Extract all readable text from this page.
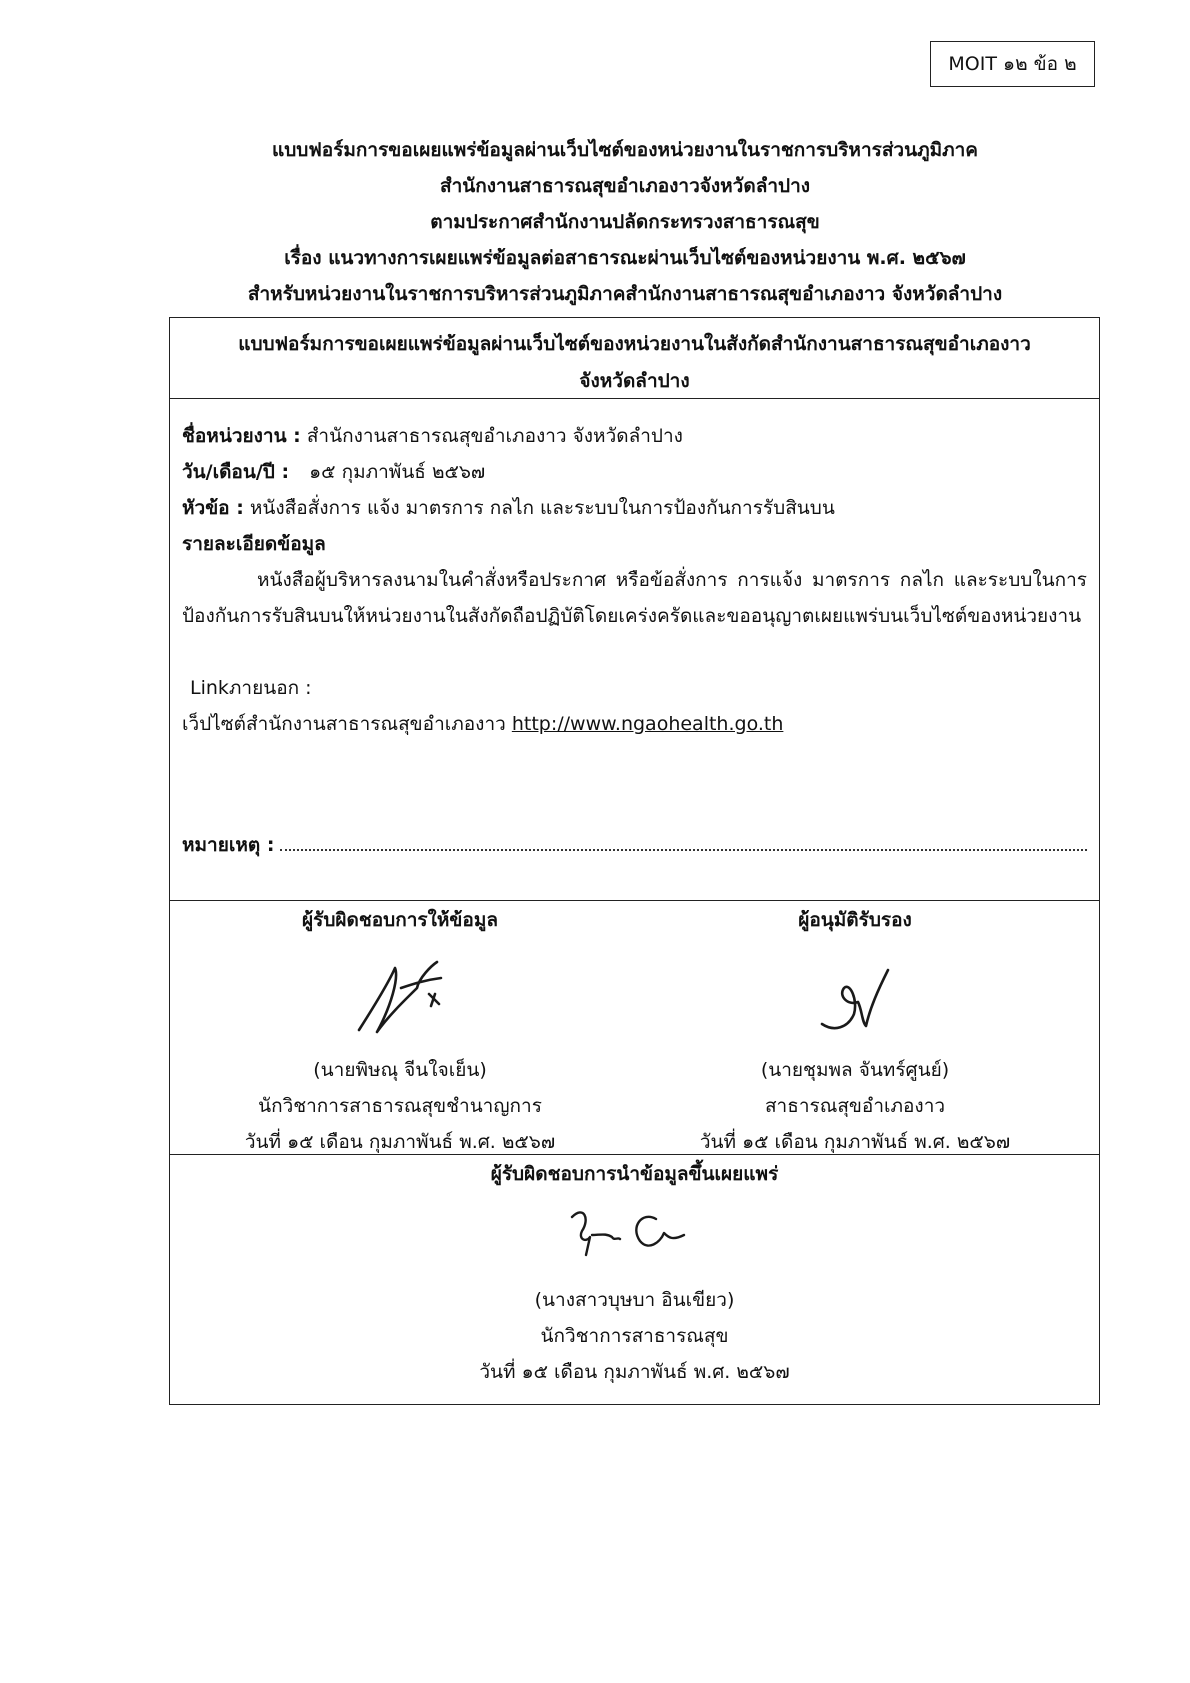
MOIT ๑๒ ข้อ ๒
แบบฟอร์มการขอเผยแพร่ข้อมูลผ่านเว็บไซต์ของหน่วยงานในราชการบริหารส่วนภูมิภาค
สำนักงานสาธารณสุขอำเภองาวจังหวัดลำปาง
ตามประกาศสำนักงานปลัดกระทรวงสาธารณสุข
เรื่อง แนวทางการเผยแพร่ข้อมูลต่อสาธารณะผ่านเว็บไซต์ของหน่วยงาน พ.ศ. ๒๕๖๗
สำหรับหน่วยงานในราชการบริหารส่วนภูมิภาคสำนักงานสาธารณสุขอำเภองาว จังหวัดลำปาง
แบบฟอร์มการขอเผยแพร่ข้อมูลผ่านเว็บไซต์ของหน่วยงานในสังกัดสำนักงานสาธารณสุขอำเภองาว
จังหวัดลำปาง
ชื่อหน่วยงาน : สำนักงานสาธารณสุขอำเภองาว จังหวัดลำปาง
วัน/เดือน/ปี : ๑๕ กุมภาพันธ์ ๒๕๖๗
หัวข้อ : หนังสือสั่งการ แจ้ง มาตรการ กลไก และระบบในการป้องกันการรับสินบน
รายละเอียดข้อมูล

หนังสือผู้บริหารลงนามในคำสั่งหรือประกาศ หรือข้อสั่งการ การแจ้ง มาตรการ กลไก และระบบในการป้องกันการรับสินบนให้หน่วยงานในสังกัดถือปฏิบัติโดยเคร่งครัดและขออนุญาตเผยแพร่บนเว็บไซต์ของหน่วยงาน

Linkภายนอก :
เว็ปไซต์สำนักงานสาธารณสุขอำเภองาว http://www.ngaohealth.go.th
หมายเหตุ :
ผู้รับผิดชอบการให้ข้อมูล
(นายพิษณุ จีนใจเย็น)
นักวิชาการสาธารณสุขชำนาญการ
วันที่ ๑๕ เดือน กุมภาพันธ์ พ.ศ. ๒๕๖๗
ผู้อนุมัติรับรอง
(นายชุมพล จันทร์ศูนย์)
สาธารณสุขอำเภองาว
วันที่ ๑๕ เดือน กุมภาพันธ์ พ.ศ. ๒๕๖๗
ผู้รับผิดชอบการนำข้อมูลขึ้นเผยแพร่
(นางสาวบุษบา อินเขียว)
นักวิชาการสาธารณสุข
วันที่ ๑๕ เดือน กุมภาพันธ์ พ.ศ. ๒๕๖๗
